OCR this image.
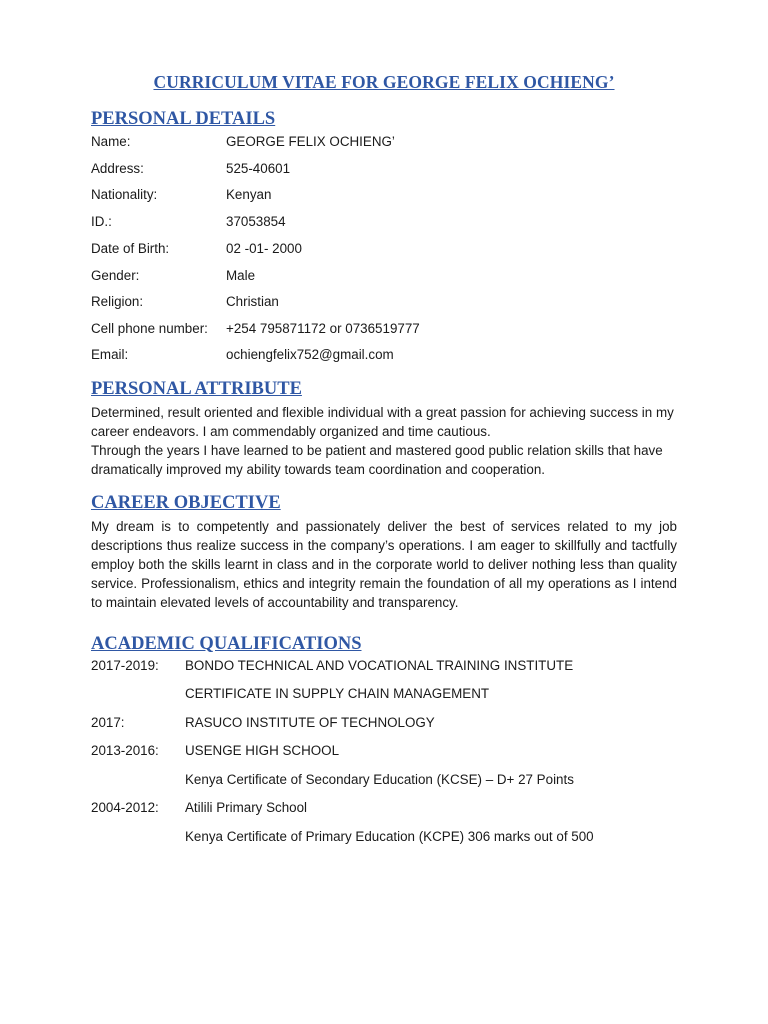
CURRICULUM VITAE FOR GEORGE FELIX OCHIENG’
PERSONAL DETAILS
Name:	GEORGE FELIX OCHIENG’
Address:	525-40601
Nationality:	Kenyan
ID.:	37053854
Date of Birth:	02 -01- 2000
Gender:	Male
Religion:	Christian
Cell phone number: +254 795871172 or 0736519777
Email:	ochiengfelix752@gmail.com
PERSONAL ATTRIBUTE

Determined, result oriented and flexible individual with a great passion for achieving success in my career endeavors. I am commendably organized and time cautious.

Through the years I have learned to be patient and mastered good public relation skills that have dramatically improved my ability towards team coordination and cooperation.

CAREER OBJECTIVE

My dream is to competently and passionately deliver the best of services related to my job descriptions thus realize success in the company’s operations. I am eager to skillfully and tactfully employ both the skills learnt in class and in the corporate world to deliver nothing less than quality service. Professionalism, ethics and integrity remain the foundation of all my operations as I intend to maintain elevated levels of accountability and transparency.

ACADEMIC QUALIFICATIONS
2017-2019: BONDO TECHNICAL AND VOCATIONAL TRAINING INSTITUTE
CERTIFICATE IN SUPPLY CHAIN MANAGEMENT
2017:	RASUCO INSTITUTE OF TECHNOLOGY
2013-2016: USENGE HIGH SCHOOL
Kenya Certificate of Secondary Education (KCSE) – D+ 27 Points
2004-2012: Atilili Primary School
Kenya Certificate of Primary Education (KCPE) 306 marks out of 500
